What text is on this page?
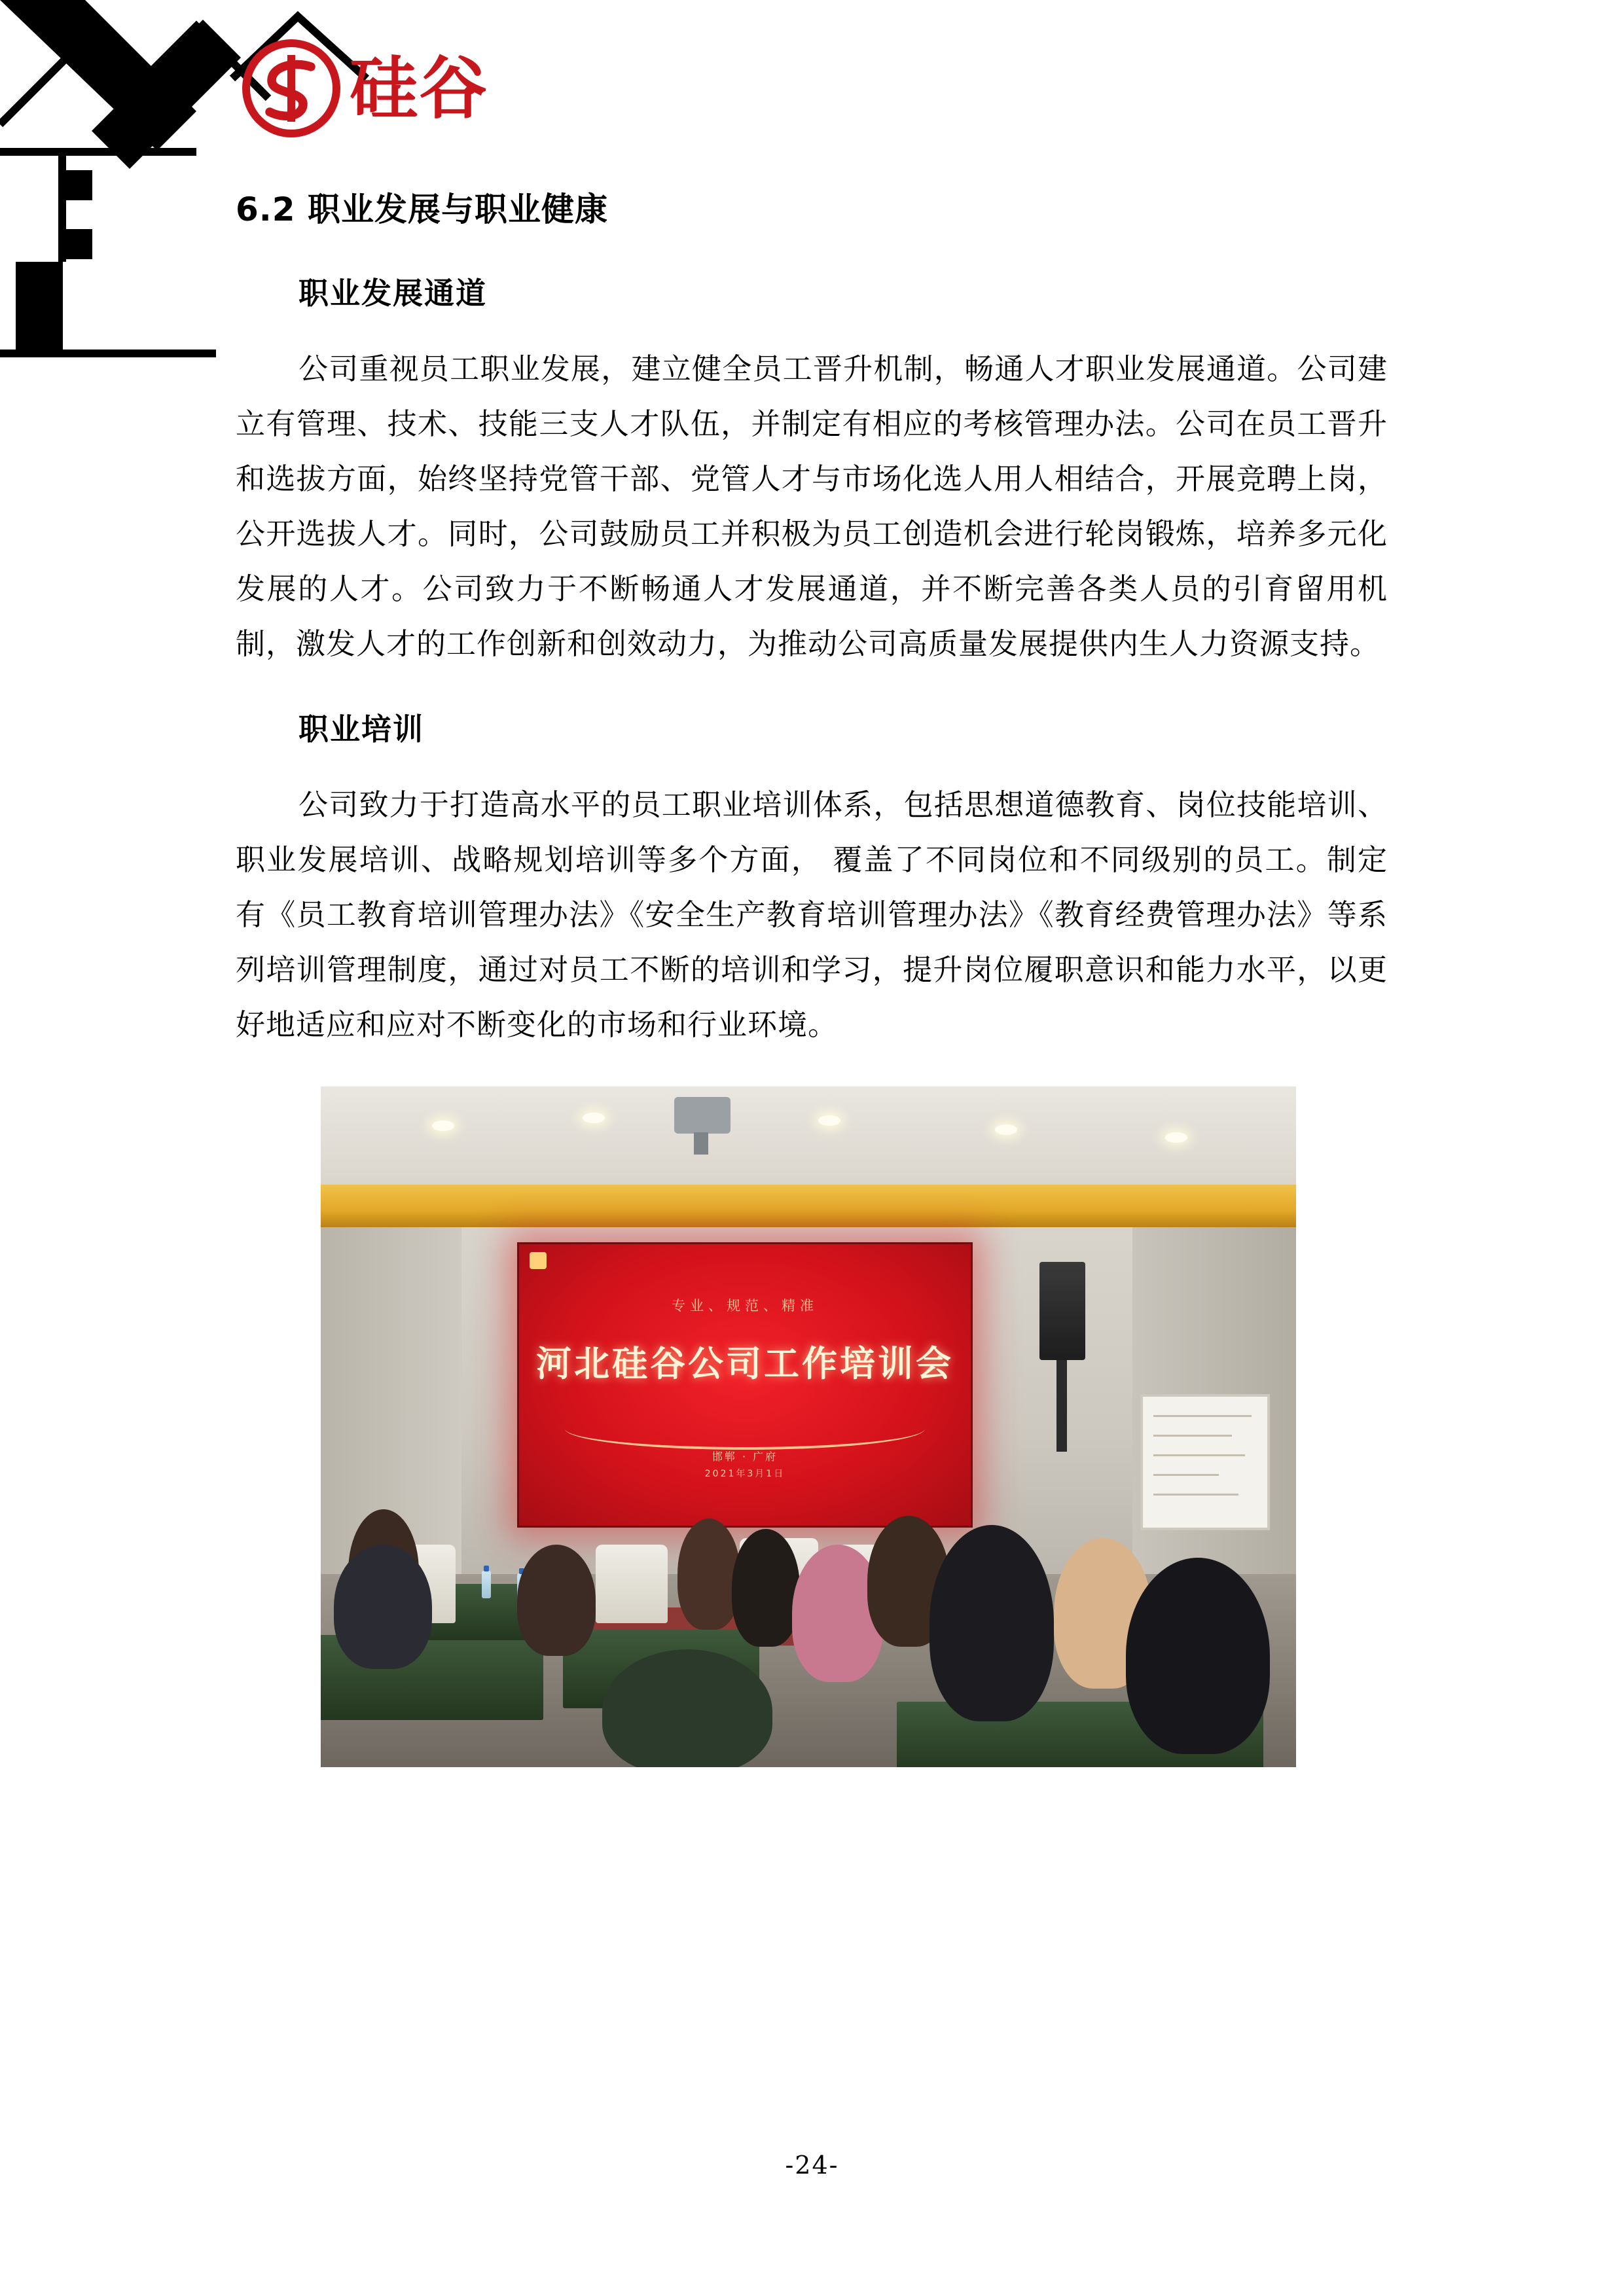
硅谷
6.2 职业发展与职业健康
职业发展通道

公司重视员工职业发展，建立健全员工晋升机制，畅通人才职业发展通道。公司建立有管理、技术、技能三支人才队伍，并制定有相应的考核管理办法。公司在员工晋升和选拔方面，始终坚持党管干部、党管人才与市场化选人用人相结合，开展竞聘上岗，公开选拔人才。同时，公司鼓励员工并积极为员工创造机会进行轮岗锻炼，培养多元化发展的人才。公司致力于不断畅通人才发展通道，并不断完善各类人员的引育留用机制，激发人才的工作创新和创效动力，为推动公司高质量发展提供内生人力资源支持。

职业培训

公司致力于打造高水平的员工职业培训体系，包括思想道德教育、岗位技能培训、职业发展培训、战略规划培训等多个方面， 覆盖了不同岗位和不同级别的员工。制定有《员工教育培训管理办法》《安全生产教育培训管理办法》《教育经费管理办法》等系列培训管理制度，通过对员工不断的培训和学习，提升岗位履职意识和能力水平，以更好地适应和应对不断变化的市场和行业环境。

专业、规范、精准
河北硅谷公司工作培训会
邯郸 · 广府
2021年3月1日
-24-
